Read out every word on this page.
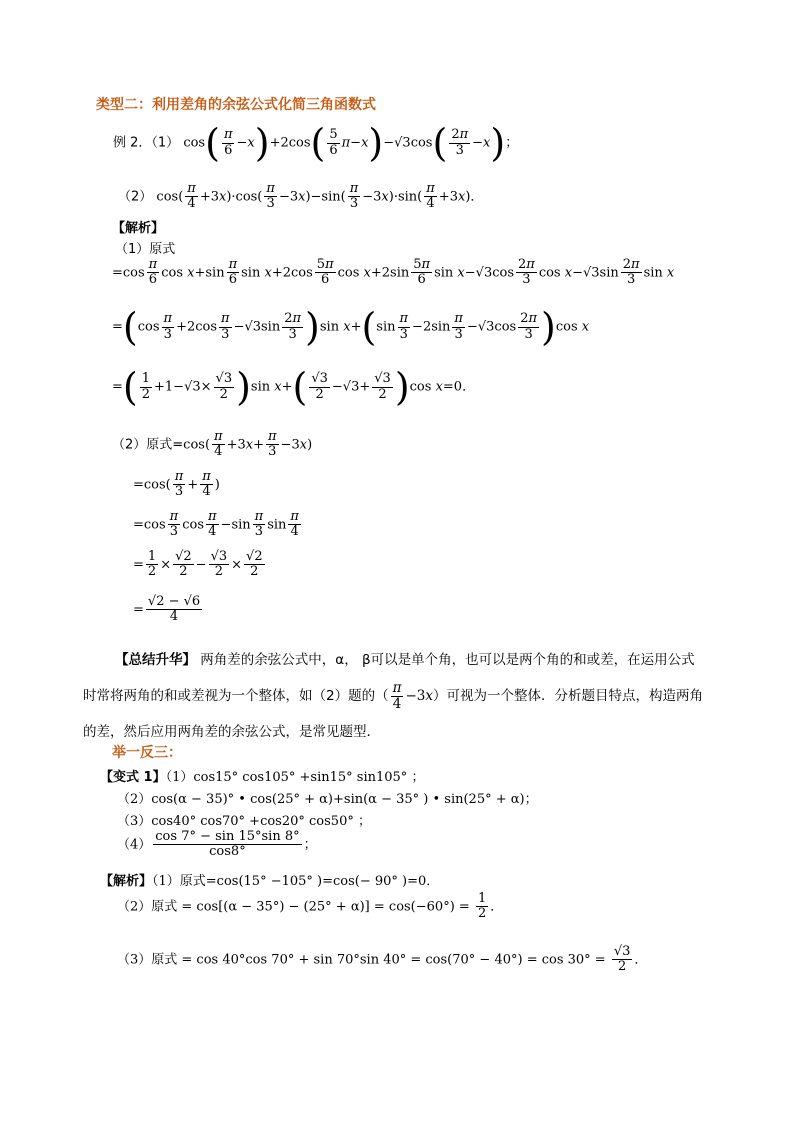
类型二：利用差角的余弦公式化简三角函数式
例 2．（1） $\cos( \frac{\pi}{6} -x)+2\cos( \frac{5}{6} \pi-x)-√3\cos( \frac{2\pi}{3} -x)$；
（2） $\cos( \frac{\pi}{4} +3x)\cdot\cos( \frac{\pi}{3} -3x)-\sin( \frac{\pi}{3} -3x)\cdot\sin( \frac{\pi}{4} +3x)$．
【解析】
（1）原式
$=\cos \frac{\pi}{6}$ $\cos x+\sin \frac{\pi}{6}$ $\sin x+2\cos \frac{5\pi}{6}$ $\cos x+2\sin \frac{5\pi}{6}$ $\sin x-√3\cos \frac{2\pi}{3}$ $\cos x-√3\sin \frac{2\pi}{3}$ sin x
$=(\cos \frac{\pi}{3} +2\cos \frac{\pi}{3} -√3\sin \frac{2\pi}{3} )\sin$ $x+(\sin \frac{\pi}{3} -2\sin \frac{\pi}{3} -√3\cos \frac{2\pi}{3} )\cos$ x
=( $\frac{1}{2} +1-√3\times \frac{√3}{2} )\sin$ $x+( \frac{√3}{2} -√3+ \frac{√3}{2} )\cos$ x=0．
（2）原式$=\cos( \frac{\pi}{4} +3x+ \frac{\pi}{3} -3x)$
$=\cos( \frac{\pi}{3} + \frac{\pi}{4}$ )
$=\cos \frac{\pi}{3}$ $\cos \frac{\pi}{4} -\sin \frac{\pi}{3}$ $\sin \frac{\pi}{4}$
= $\frac{1}{2} \times \frac{√2}{2} - \frac{√3}{2} \times \frac{√2}{2}$
= $\frac{√2 - √6}{4}$
【总结升华】 两角差的余弦公式中，α， β可以是单个角，也可以是两个角的和或差，在运用公式
时常将两角的和或差视为一个整体，如（2）题的（ $\frac{\pi}{4} -3x$）可视为一个整体．分析题目特点，构造两角
的差，然后应用两角差的余弦公式，是常见题型．
举一反三：
【变式 1】（1）cos15° cos105° +sin15° sin105° ；
（2）cos(α − 35)° • cos(25° + α)+sin(α − 35° ) • sin(25° + α)；
（3）cos40° cos70° +cos20° cos50° ；
$(4) \frac{\cos 7^\circ - \sin 15^\circ\sin 8^\circ}{\cos 8^\circ}$ ；
【解析】（1）原式=cos(15° −105° )=cos(− 90° )=0．
（2）原式 = $\cos[(\alpha - 35^\circ) - (25^\circ + \alpha)] = \cos(-60^\circ) = \frac{1}{2}$ ．
（3）原式 = cos 40°cos 70° + sin 70°sin $40^\circ = \cos(70^\circ - 40^\circ) = \cos 30^\circ = \frac{√3}{2}$ ．
